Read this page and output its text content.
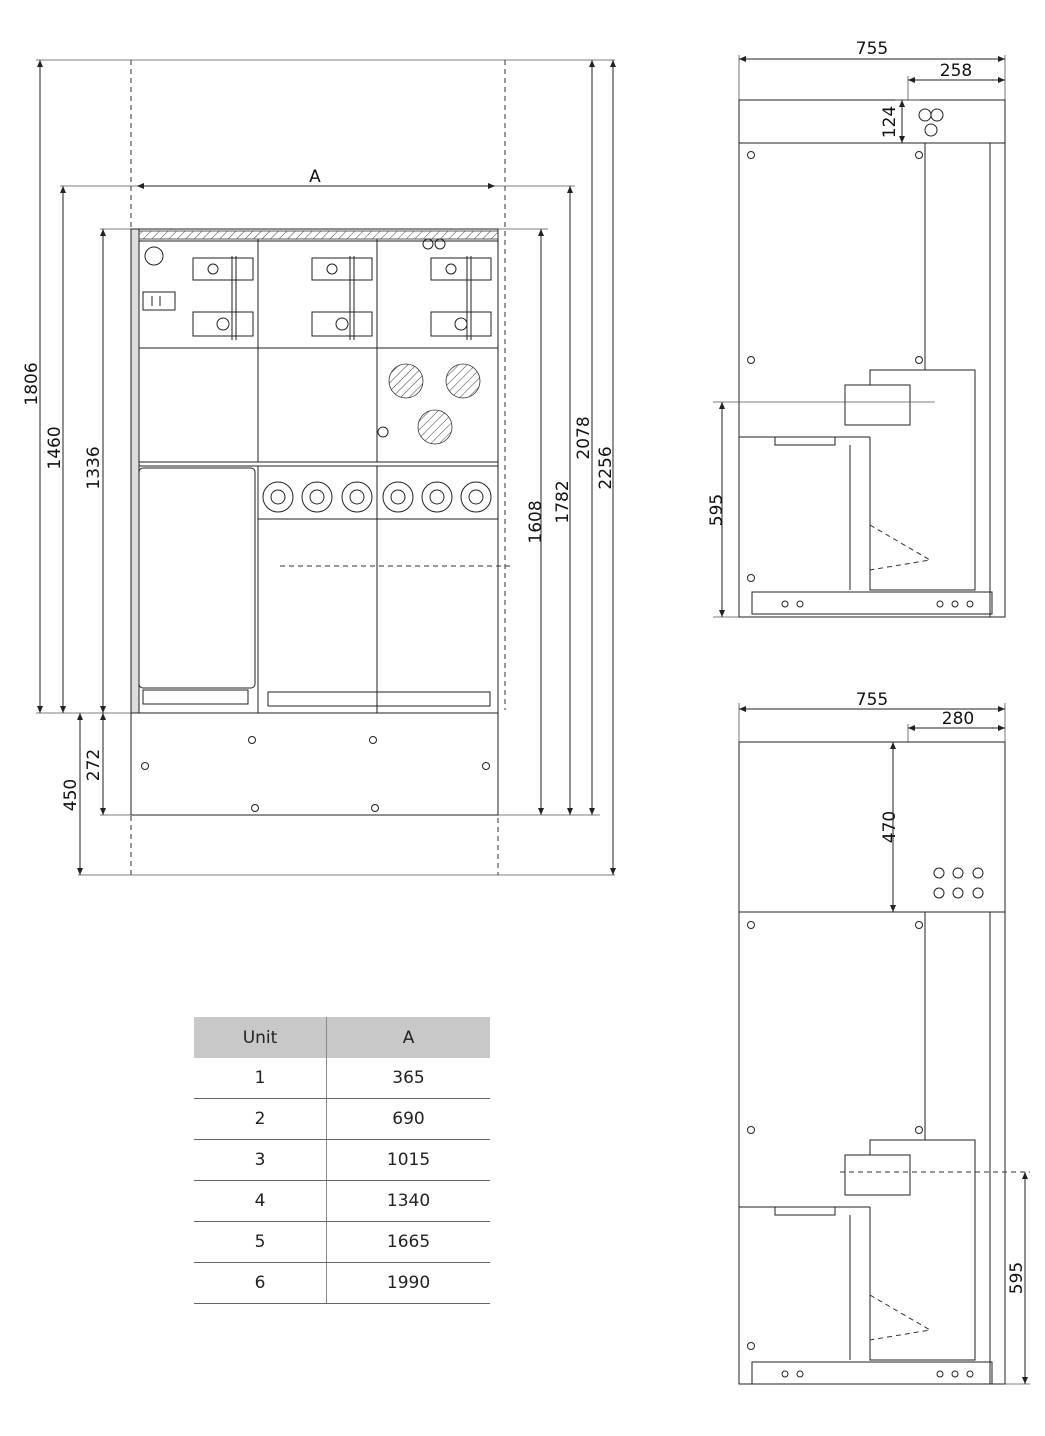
A
1806
1460 1336
272
450
1608 1782
2078
2256
755
258
124
595
755
280
470
595
Unit	A
1	365
2	690
3	1015
4	1340
5	1665
6	1990
